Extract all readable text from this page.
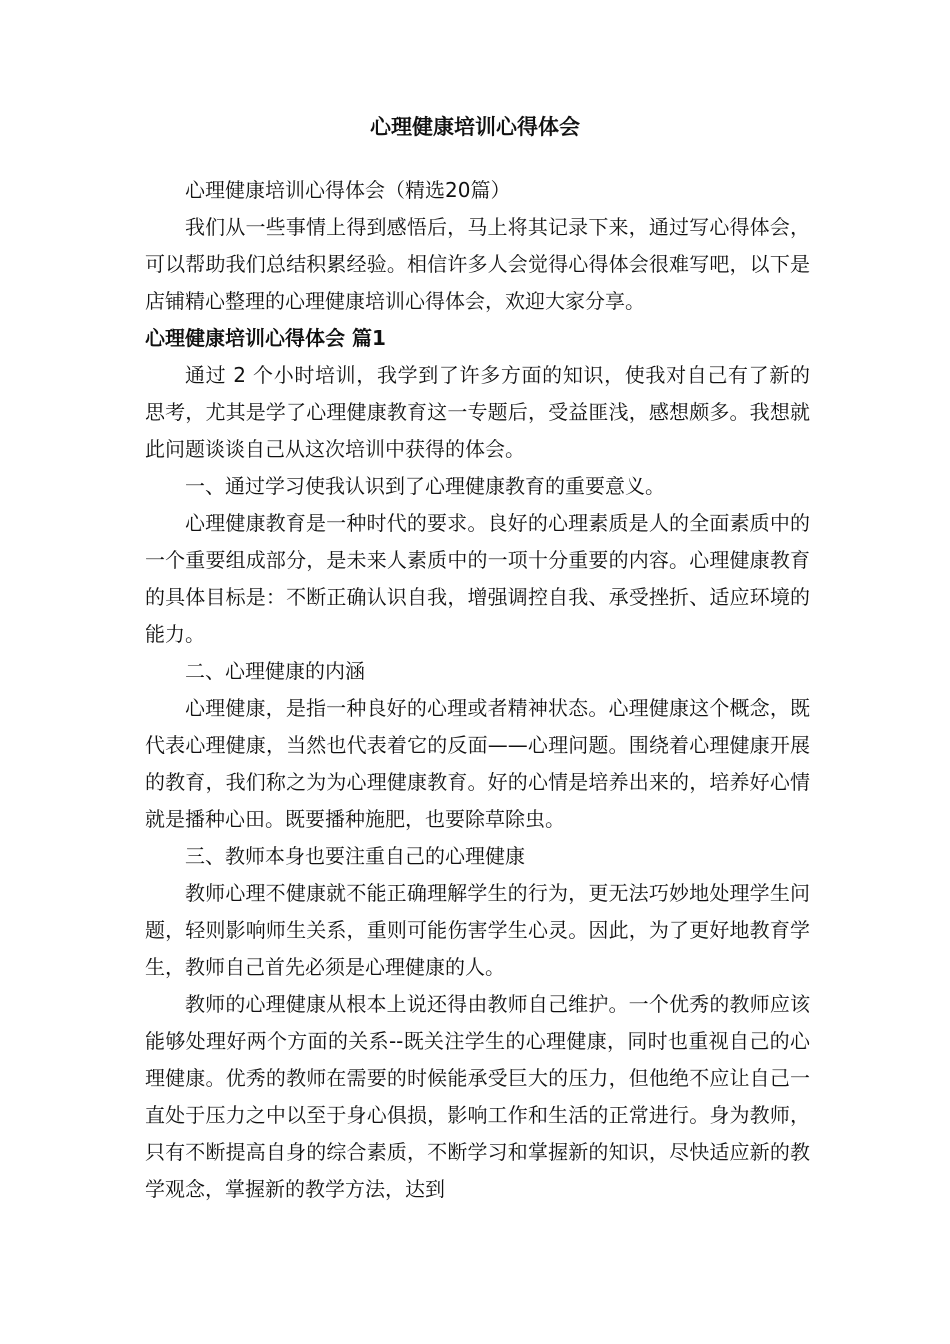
心理健康培训心得体会

心理健康培训心得体会（精选20篇）

我们从一些事情上得到感悟后，马上将其记录下来，通过写心得体会，可以帮助我们总结积累经验。相信许多人会觉得心得体会很难写吧，以下是店铺精心整理的心理健康培训心得体会，欢迎大家分享。

心理健康培训心得体会 篇1

通过 2 个小时培训，我学到了许多方面的知识，使我对自己有了新的思考，尤其是学了心理健康教育这一专题后，受益匪浅，感想颇多。我想就此问题谈谈自己从这次培训中获得的体会。

一、通过学习使我认识到了心理健康教育的重要意义。

心理健康教育是一种时代的要求。良好的心理素质是人的全面素质中的一个重要组成部分，是未来人素质中的一项十分重要的内容。心理健康教育的具体目标是：不断正确认识自我，增强调控自我、承受挫折、适应环境的能力。

二、心理健康的内涵

心理健康，是指一种良好的心理或者精神状态。心理健康这个概念，既代表心理健康，当然也代表着它的反面——心理问题。围绕着心理健康开展的教育，我们称之为为心理健康教育。好的心情是培养出来的，培养好心情就是播种心田。既要播种施肥，也要除草除虫。

三、教师本身也要注重自己的心理健康

教师心理不健康就不能正确理解学生的行为，更无法巧妙地处理学生问题，轻则影响师生关系，重则可能伤害学生心灵。因此，为了更好地教育学生，教师自己首先必须是心理健康的人。

教师的心理健康从根本上说还得由教师自己维护。一个优秀的教师应该能够处理好两个方面的关系--既关注学生的心理健康，同时也重视自己的心理健康。优秀的教师在需要的时候能承受巨大的压力，但他绝不应让自己一直处于压力之中以至于身心俱损，影响工作和生活的正常进行。身为教师，只有不断提高自身的综合素质，不断学习和掌握新的知识，尽快适应新的教学观念，掌握新的教学方法，达到
